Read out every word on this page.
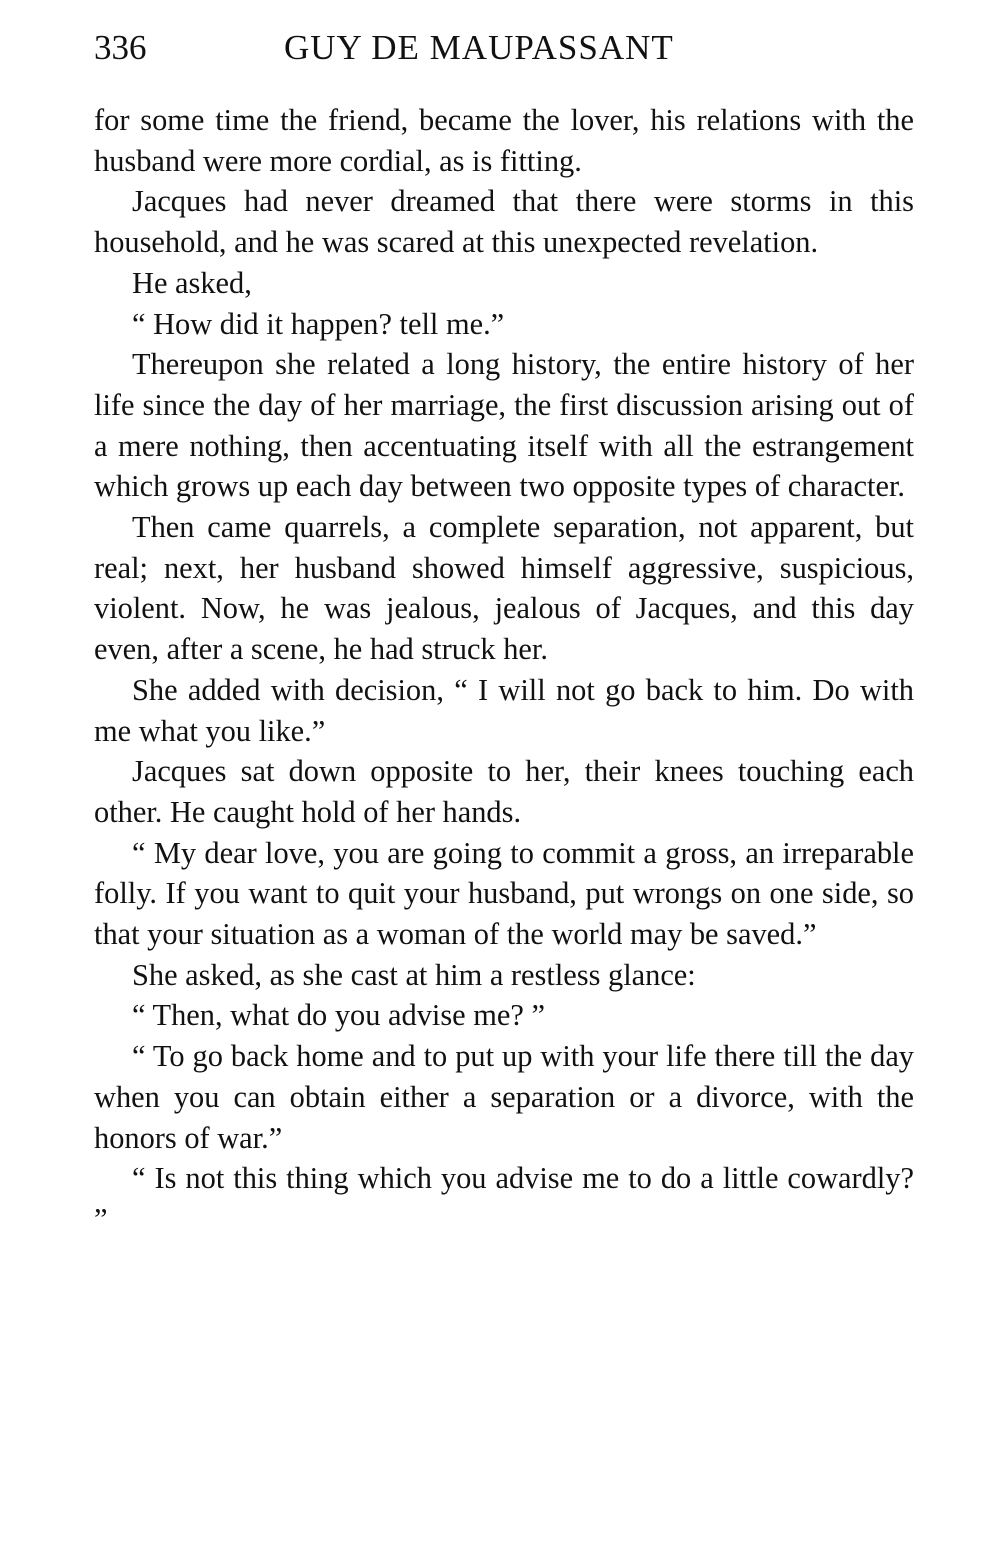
336	GUY DE MAUPASSANT

for some time the friend, became the lover, his relations with the husband were more cordial, as is fitting.

Jacques had never dreamed that there were storms in this household, and he was scared at this unexpected revelation.

He asked,

“ How did it happen? tell me.”

Thereupon she related a long history, the entire history of her life since the day of her marriage, the first discussion arising out of a mere nothing, then accentuating itself with all the estrangement which grows up each day between two opposite types of character.

Then came quarrels, a complete separation, not apparent, but real; next, her husband showed himself aggressive, suspicious, violent. Now, he was jealous, jealous of Jacques, and this day even, after a scene, he had struck her.

She added with decision, “ I will not go back to him. Do with me what you like.”

Jacques sat down opposite to her, their knees touching each other. He caught hold of her hands.

“ My dear love, you are going to commit a gross, an irreparable folly. If you want to quit your husband, put wrongs on one side, so that your situation as a woman of the world may be saved.”

She asked, as she cast at him a restless glance:

“ Then, what do you advise me? ”

“ To go back home and to put up with your life there till the day when you can obtain either a separation or a divorce, with the honors of war.”

“ Is not this thing which you advise me to do a little cowardly? ”
